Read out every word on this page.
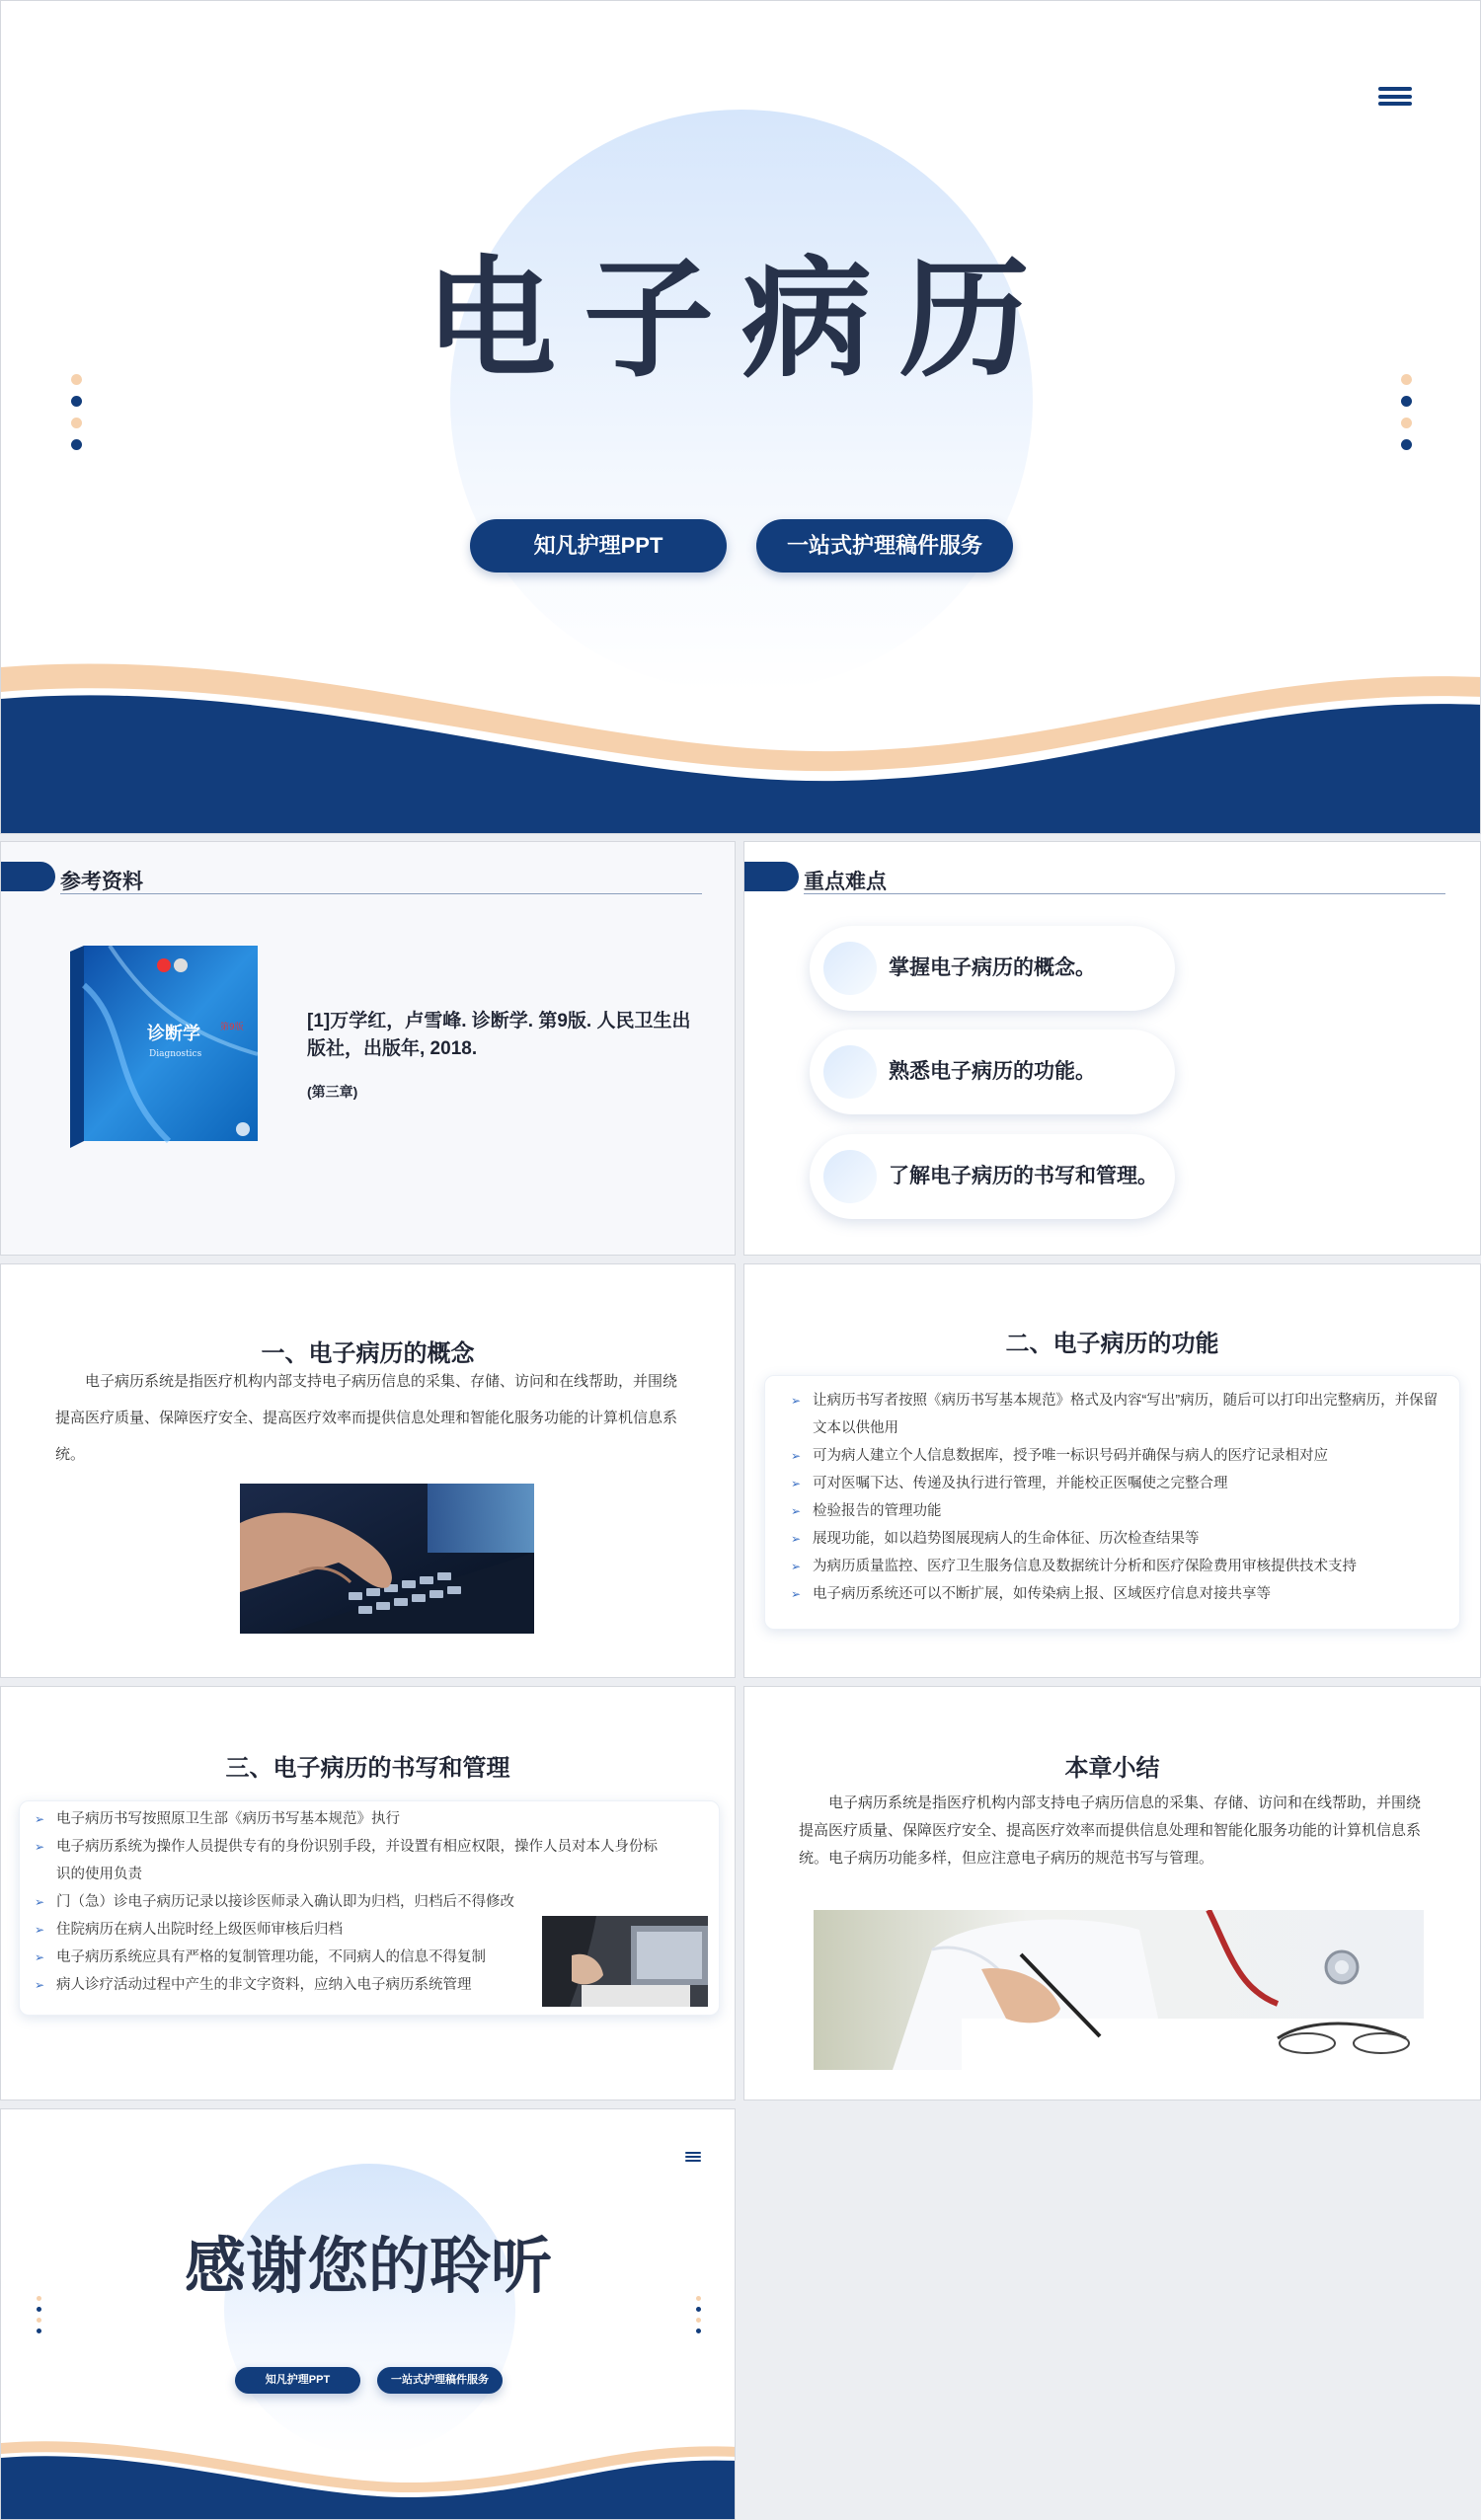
电子病历
知凡护理PPT	一站式护理稿件服务
参考资料
诊断学
Diagnostics
第9版	[1]万学红，卢雪峰. 诊断学. 第9版. 人民卫生出版社，出版年, 2018.
(第三章)
重点难点
掌握电子病历的概念。
熟悉电子病历的功能。
了解电子病历的书写和管理。
一、电子病历的概念
电子病历系统是指医疗机构内部支持电子病历信息的采集、存储、访问和在线帮助，并围绕提高医疗质量、保障医疗安全、提高医疗效率而提供信息处理和智能化服务功能的计算机信息系统。
二、电子病历的功能
➢ 让病历书写者按照《病历书写基本规范》格式及内容“写出”病历，随后可以打印出完整病历，并保留文本以供他用
➢ 可为病人建立个人信息数据库，授予唯一标识号码并确保与病人的医疗记录相对应
➢ 可对医嘱下达、传递及执行进行管理，并能校正医嘱使之完整合理
➢ 检验报告的管理功能
➢ 展现功能，如以趋势图展现病人的生命体征、历次检查结果等
➢ 为病历质量监控、医疗卫生服务信息及数据统计分析和医疗保险费用审核提供技术支持
➢ 电子病历系统还可以不断扩展，如传染病上报、区域医疗信息对接共享等
三、电子病历的书写和管理
➢ 电子病历书写按照原卫生部《病历书写基本规范》执行
➢ 电子病历系统为操作人员提供专有的身份识别手段，并设置有相应权限，操作人员对本人身份标识的使用负责
➢ 门（急）诊电子病历记录以接诊医师录入确认即为归档，归档后不得修改
➢ 住院病历在病人出院时经上级医师审核后归档
➢ 电子病历系统应具有严格的复制管理功能，不同病人的信息不得复制
➢ 病人诊疗活动过程中产生的非文字资料，应纳入电子病历系统管理
本章小结
电子病历系统是指医疗机构内部支持电子病历信息的采集、存储、访问和在线帮助，并围绕提高医疗质量、保障医疗安全、提高医疗效率而提供信息处理和智能化服务功能的计算机信息系统。电子病历功能多样，但应注意电子病历的规范书写与管理。
感谢您的聆听
知凡护理PPT	一站式护理稿件服务
